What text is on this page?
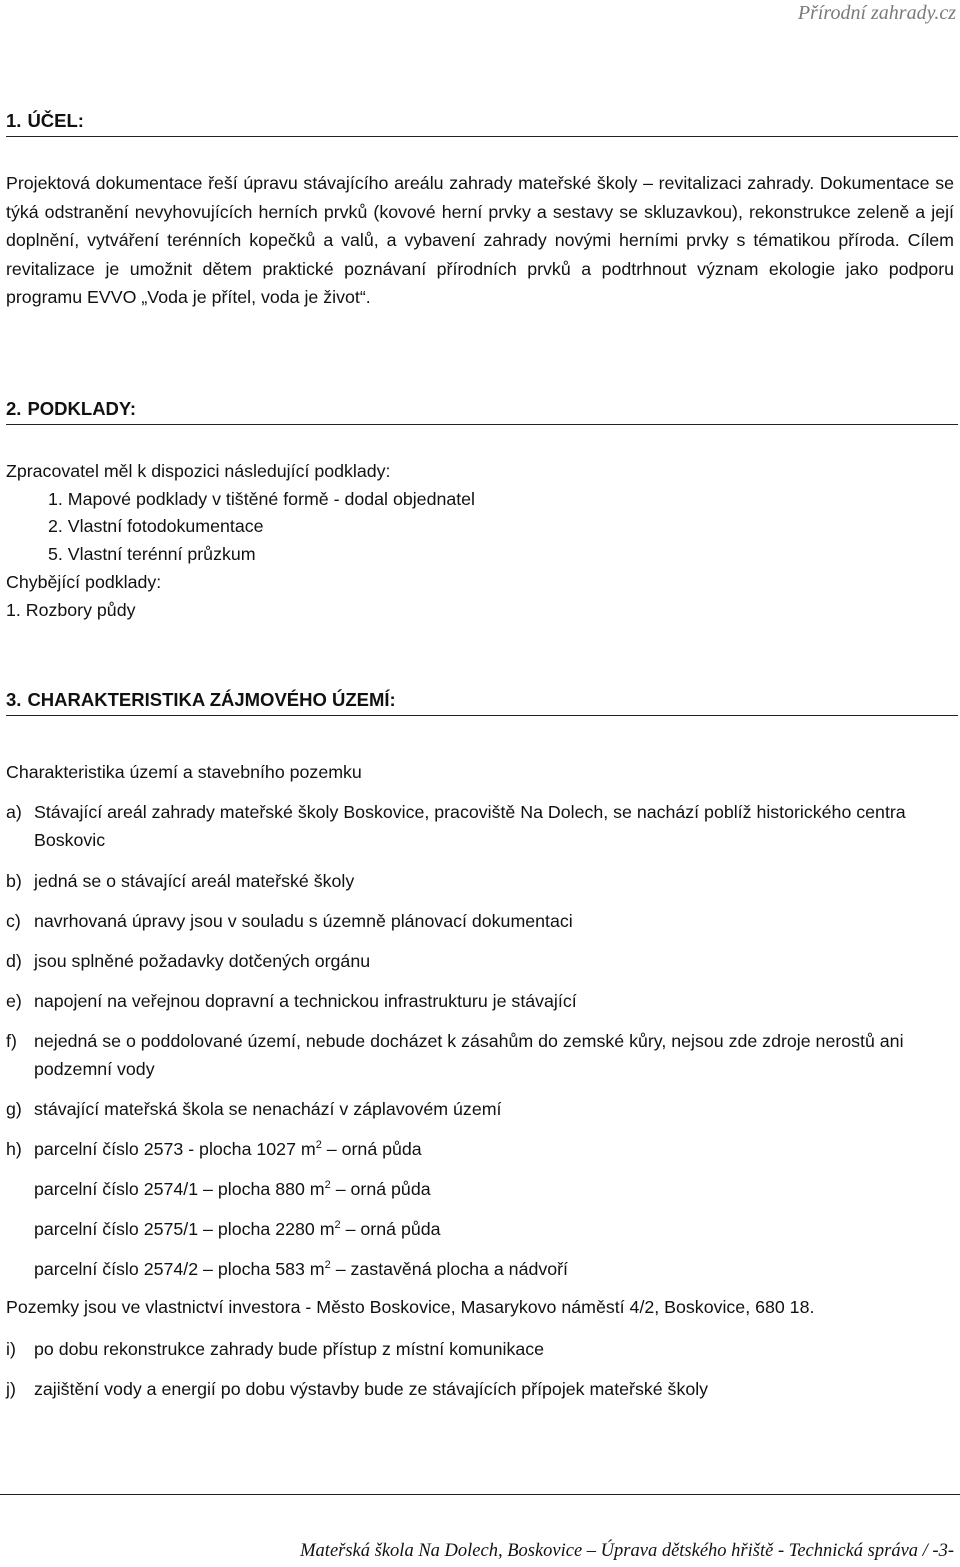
Přírodní zahrady.cz
1. ÚČEL:

Projektová dokumentace řeší úpravu stávajícího areálu zahrady mateřské školy – revitalizaci zahrady. Dokumentace se týká odstranění nevyhovujících herních prvků (kovové herní prvky a sestavy se skluzavkou), rekonstrukce zeleně a její doplnění, vytváření terénních kopečků a valů, a vybavení zahrady novými herními prvky s tématikou příroda. Cílem revitalizace je umožnit dětem praktické poznávaní přírodních prvků a podtrhnout význam ekologie jako podporu programu EVVO „Voda je přítel, voda je život“.

2. PODKLADY:
Zpracovatel měl k dispozici následující podklady:
1. Mapové podklady v tištěné formě - dodal objednatel
2. Vlastní fotodokumentace
5. Vlastní terénní průzkum
Chybějící podklady:
1. Rozbory půdy
3. CHARAKTERISTIKA ZÁJMOVÉHO ÚZEMÍ:
Charakteristika území a stavebního pozemku
a) Stávající areál zahrady mateřské školy Boskovice, pracoviště Na Dolech, se nachází poblíž historického centra Boskovic
b) jedná se o stávající areál mateřské školy
c) navrhovaná úpravy jsou v souladu s územně plánovací dokumentaci
d) jsou splněné požadavky dotčených orgánu
e) napojení na veřejnou dopravní a technickou infrastrukturu je stávající
f) nejedná se o poddolované území, nebude docházet k zásahům do zemské kůry, nejsou zde zdroje nerostů ani podzemní vody
g) stávající mateřská škola se nenachází v záplavovém území
h) parcelní číslo 2573 - plocha 1027 $m^2$ – orná půda
parcelní číslo 2574/1 – plocha 880 $m^2$ – orná půda
parcelní číslo 2575/1 – plocha 2280 $m^2$ – orná půda
parcelní číslo 2574/2 – plocha 583 $m^2$ – zastavěná plocha a nádvoří
Pozemky jsou ve vlastnictví investora - Město Boskovice, Masarykovo náměstí 4/2, Boskovice, 680 18.
i) po dobu rekonstrukce zahrady bude přístup z místní komunikace
j) zajištění vody a energií po dobu výstavby bude ze stávajících přípojek mateřské školy
Mateřská škola Na Dolech, Boskovice – Úprava dětského hřiště - Technická správa / -3-
